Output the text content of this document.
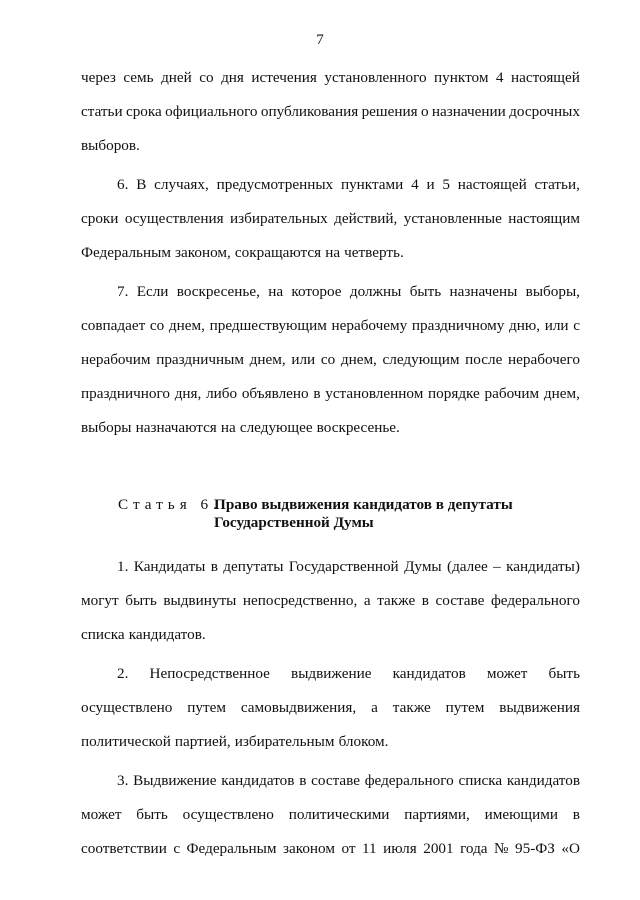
7
через семь дней со дня истечения установленного пунктом 4 настоящей
статьи срока официального опубликования решения о назначении досрочных
выборов.
6. В случаях, предусмотренных пунктами 4 и 5 настоящей статьи,
сроки осуществления избирательных действий, установленные настоящим
Федеральным законом, сокращаются на четверть.
7. Если воскресенье, на которое должны быть назначены выборы,
совпадает со днем, предшествующим нерабочему праздничному дню, или с
нерабочим праздничным днем, или со днем, следующим после нерабочего
праздничного дня, либо объявлено в установленном порядке рабочим днем,
выборы назначаются на следующее воскресенье.
Статья 6.
Право выдвижения кандидатов в депутаты
Государственной Думы
1. Кандидаты в депутаты Государственной Думы (далее – кандидаты)
могут быть выдвинуты непосредственно, а также в составе федерального
списка кандидатов.
2. Непосредственное выдвижение кандидатов может быть
осуществлено путем самовыдвижения, а также путем выдвижения
политической партией, избирательным блоком.
3. Выдвижение кандидатов в составе федерального списка кандидатов
может быть осуществлено политическими партиями, имеющими в
соответствии с Федеральным законом от 11 июля 2001 года № 95-ФЗ «О
